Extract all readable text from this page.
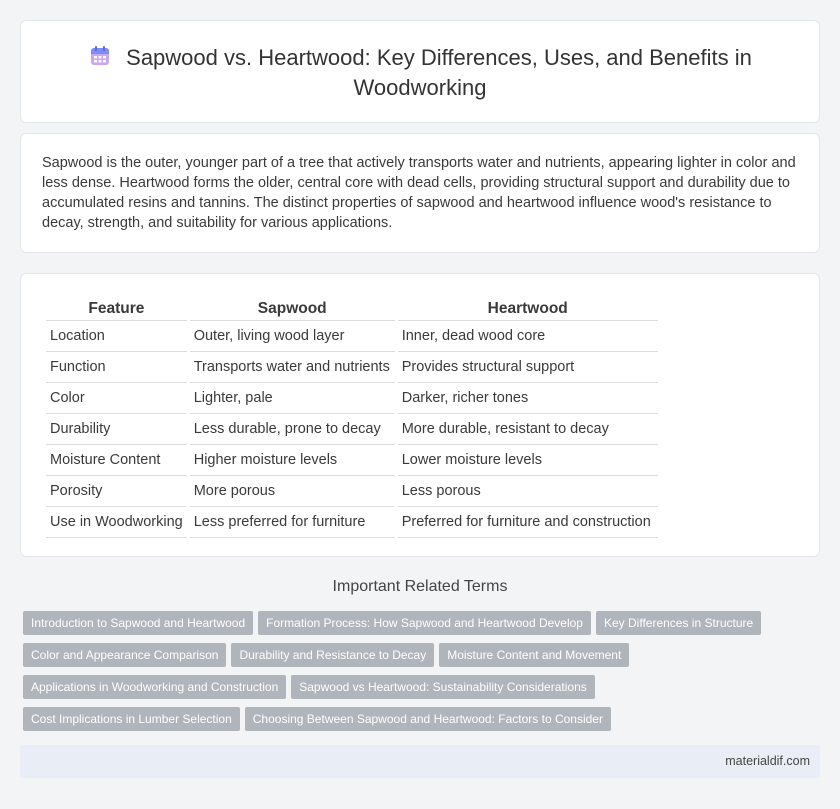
Sapwood vs. Heartwood: Key Differences, Uses, and Benefits in Woodworking

Sapwood is the outer, younger part of a tree that actively transports water and nutrients, appearing lighter in color and less dense. Heartwood forms the older, central core with dead cells, providing structural support and durability due to accumulated resins and tannins. The distinct properties of sapwood and heartwood influence wood's resistance to decay, strength, and suitability for various applications.

Feature	Sapwood	Heartwood
Location	Outer, living wood layer	Inner, dead wood core
Function	Transports water and nutrients	Provides structural support
Color	Lighter, pale	Darker, richer tones
Durability	Less durable, prone to decay	More durable, resistant to decay
Moisture Content	Higher moisture levels	Lower moisture levels
Porosity	More porous	Less porous
Use in Woodworking	Less preferred for furniture	Preferred for furniture and construction
Important Related Terms
Introduction to Sapwood and Heartwood Formation Process: How Sapwood and Heartwood Develop Key Differences in Structure
Color and Appearance Comparison Durability and Resistance to Decay Moisture Content and Movement
Applications in Woodworking and Construction Sapwood vs Heartwood: Sustainability Considerations
Cost Implications in Lumber Selection Choosing Between Sapwood and Heartwood: Factors to Consider
materialdif.com
